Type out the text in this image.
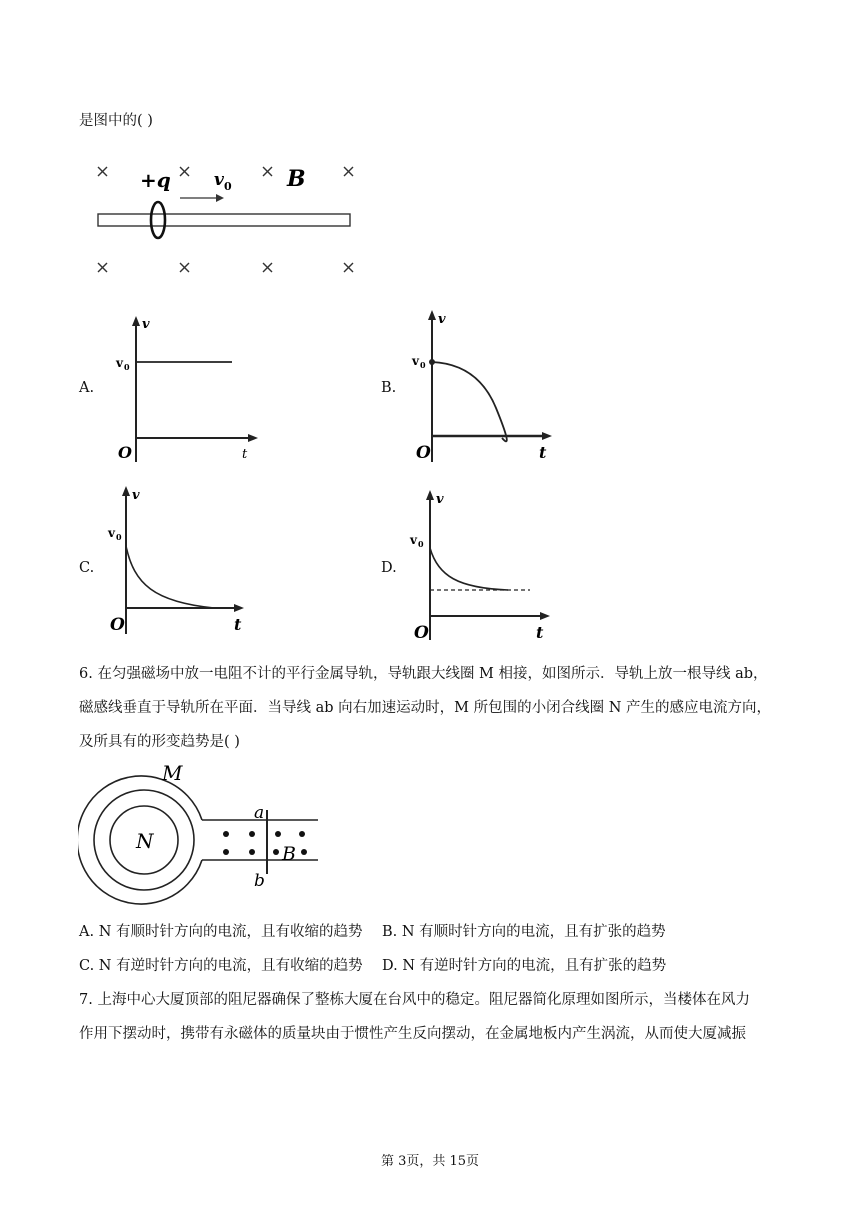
是图中的( )
+q	v 0	B
A.
v
v 0
O	t
B.
v
v 0
O	t
C.
v
v 0
O	t
D.
v
v 0
O	t
6. 在匀强磁场中放一电阻不计的平行金属导轨，导轨跟大线圈 M 相接，如图所示．导轨上放一根导线 ab，
磁感线垂直于导轨所在平面．当导线 ab 向右加速运动时，M 所包围的小闭合线圈 N 产生的感应电流方向，
及所具有的形变趋势是( )
M
N
a
b
B
A. N 有顺时针方向的电流，且有收缩的趋势 B. N 有顺时针方向的电流，且有扩张的趋势
C. N 有逆时针方向的电流，且有收缩的趋势 D. N 有逆时针方向的电流，且有扩张的趋势
7. 上海中心大厦顶部的阻尼器确保了整栋大厦在台风中的稳定。阻尼器简化原理如图所示，当楼体在风力
作用下摆动时，携带有永磁体的质量块由于惯性产生反向摆动，在金属地板内产生涡流，从而使大厦减振
第 3页，共 15页
